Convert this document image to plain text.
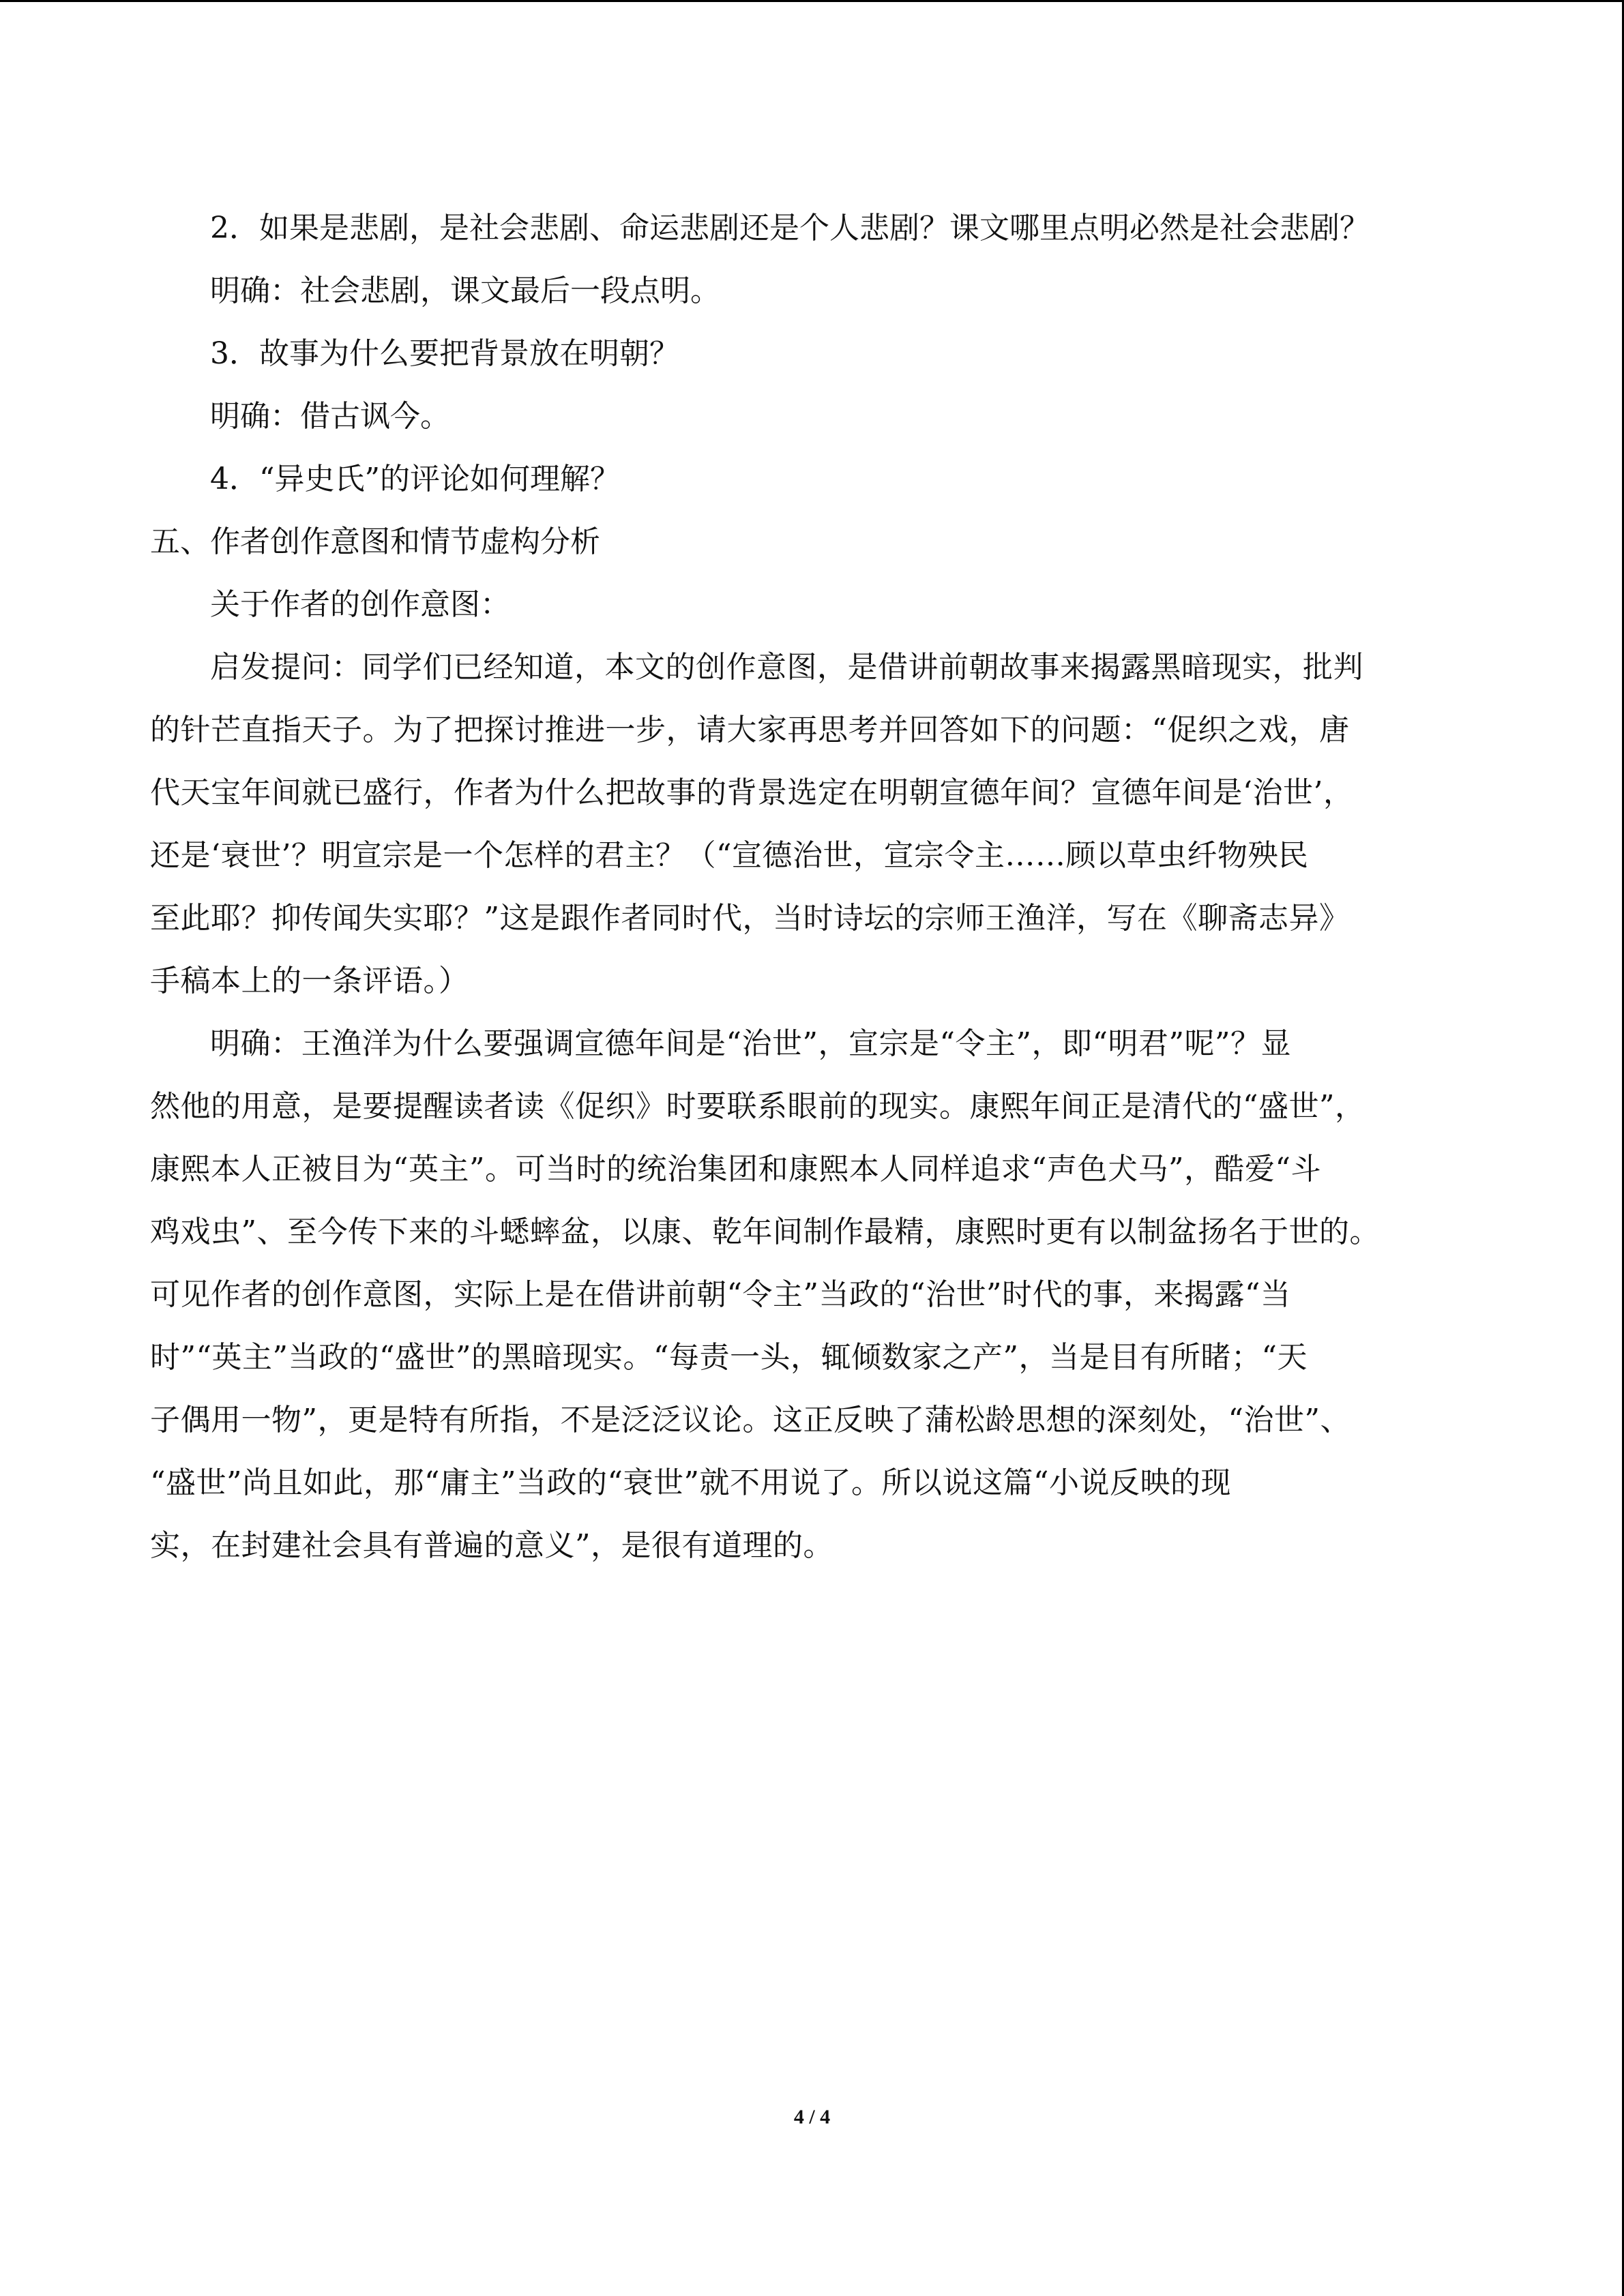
2．如果是悲剧，是社会悲剧、命运悲剧还是个人悲剧？课文哪里点明必然是社会悲剧？
明确：社会悲剧，课文最后一段点明。
3．故事为什么要把背景放在明朝？
明确：借古讽今。
4．“异史氏”的评论如何理解？
五、作者创作意图和情节虚构分析
关于作者的创作意图：
启发提问：同学们已经知道，本文的创作意图，是借讲前朝故事来揭露黑暗现实，批判
的针芒直指天子。为了把探讨推进一步，请大家再思考并回答如下的问题：“促织之戏，唐
代天宝年间就已盛行，作者为什么把故事的背景选定在明朝宣德年间？宣德年间是‘治世’，
还是‘衰世’？明宣宗是一个怎样的君主？（“宣德治世，宣宗令主……顾以草虫纤物殃民
至此耶？抑传闻失实耶？”这是跟作者同时代，当时诗坛的宗师王渔洋，写在《聊斋志异》
手稿本上的一条评语。）
明确：王渔洋为什么要强调宣德年间是“治世”，宣宗是“令主”，即“明君”呢”？显
然他的用意，是要提醒读者读《促织》时要联系眼前的现实。康熙年间正是清代的“盛世”，
康熙本人正被目为“英主”。可当时的统治集团和康熙本人同样追求“声色犬马”，酷爱“斗
鸡戏虫”、至今传下来的斗蟋蟀盆，以康、乾年间制作最精，康熙时更有以制盆扬名于世的。
可见作者的创作意图，实际上是在借讲前朝“令主”当政的“治世”时代的事，来揭露“当
时”“英主”当政的“盛世”的黑暗现实。“每责一头，辄倾数家之产”，当是目有所睹；“天
子偶用一物”，更是特有所指，不是泛泛议论。这正反映了蒲松龄思想的深刻处，“治世”、
“盛世”尚且如此，那“庸主”当政的“衰世”就不用说了。所以说这篇“小说反映的现
实，在封建社会具有普遍的意义”，是很有道理的。
4 / 4
